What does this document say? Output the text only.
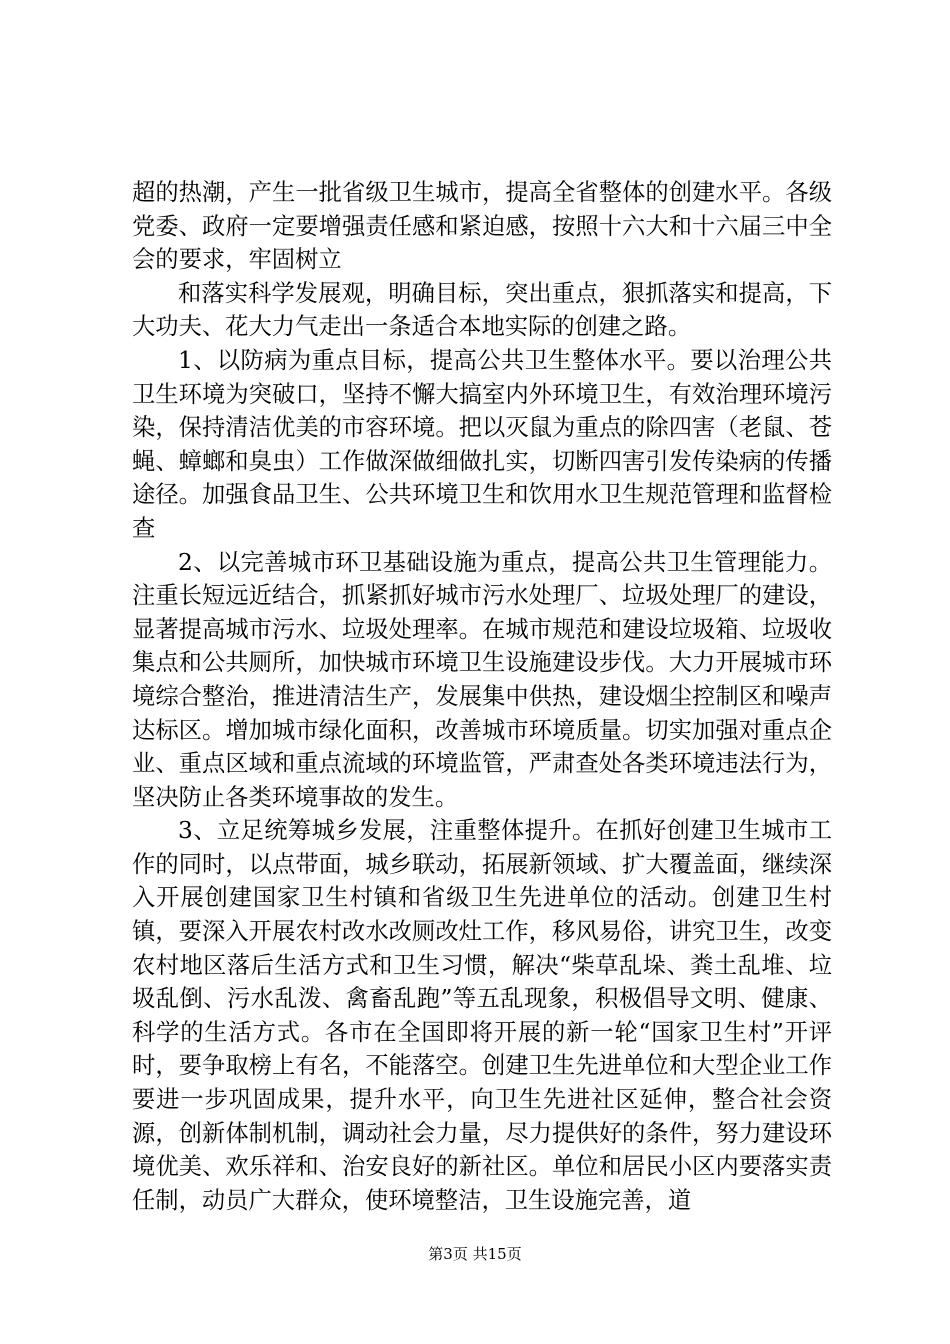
超的热潮，产生一批省级卫生城市，提高全省整体的创建水平。各级党委、政府一定要增强责任感和紧迫感，按照十六大和十六届三中全会的要求，牢固树立

和落实科学发展观，明确目标，突出重点，狠抓落实和提高，下大功夫、花大力气走出一条适合本地实际的创建之路。

1、以防病为重点目标，提高公共卫生整体水平。要以治理公共卫生环境为突破口，坚持不懈大搞室内外环境卫生，有效治理环境污染，保持清洁优美的市容环境。把以灭鼠为重点的除四害（老鼠、苍蝇、蟑螂和臭虫）工作做深做细做扎实，切断四害引发传染病的传播途径。加强食品卫生、公共环境卫生和饮用水卫生规范管理和监督检查

2、以完善城市环卫基础设施为重点，提高公共卫生管理能力。注重长短远近结合，抓紧抓好城市污水处理厂、垃圾处理厂的建设，显著提高城市污水、垃圾处理率。在城市规范和建设垃圾箱、垃圾收集点和公共厕所，加快城市环境卫生设施建设步伐。大力开展城市环境综合整治，推进清洁生产，发展集中供热，建设烟尘控制区和噪声达标区。增加城市绿化面积，改善城市环境质量。切实加强对重点企业、重点区域和重点流域的环境监管，严肃查处各类环境违法行为，坚决防止各类环境事故的发生。

3、立足统筹城乡发展，注重整体提升。在抓好创建卫生城市工作的同时，以点带面，城乡联动，拓展新领域、扩大覆盖面，继续深入开展创建国家卫生村镇和省级卫生先进单位的活动。创建卫生村镇，要深入开展农村改水改厕改灶工作，移风易俗，讲究卫生，改变农村地区落后生活方式和卫生习惯，解决“柴草乱垛、粪土乱堆、垃圾乱倒、污水乱泼、禽畜乱跑”等五乱现象，积极倡导文明、健康、科学的生活方式。各市在全国即将开展的新一轮“国家卫生村”开评时，要争取榜上有名，不能落空。创建卫生先进单位和大型企业工作要进一步巩固成果，提升水平，向卫生先进社区延伸，整合社会资源，创新体制机制，调动社会力量，尽力提供好的条件，努力建设环境优美、欢乐祥和、治安良好的新社区。单位和居民小区内要落实责任制，动员广大群众，使环境整洁，卫生设施完善，道

第3页 共15页
